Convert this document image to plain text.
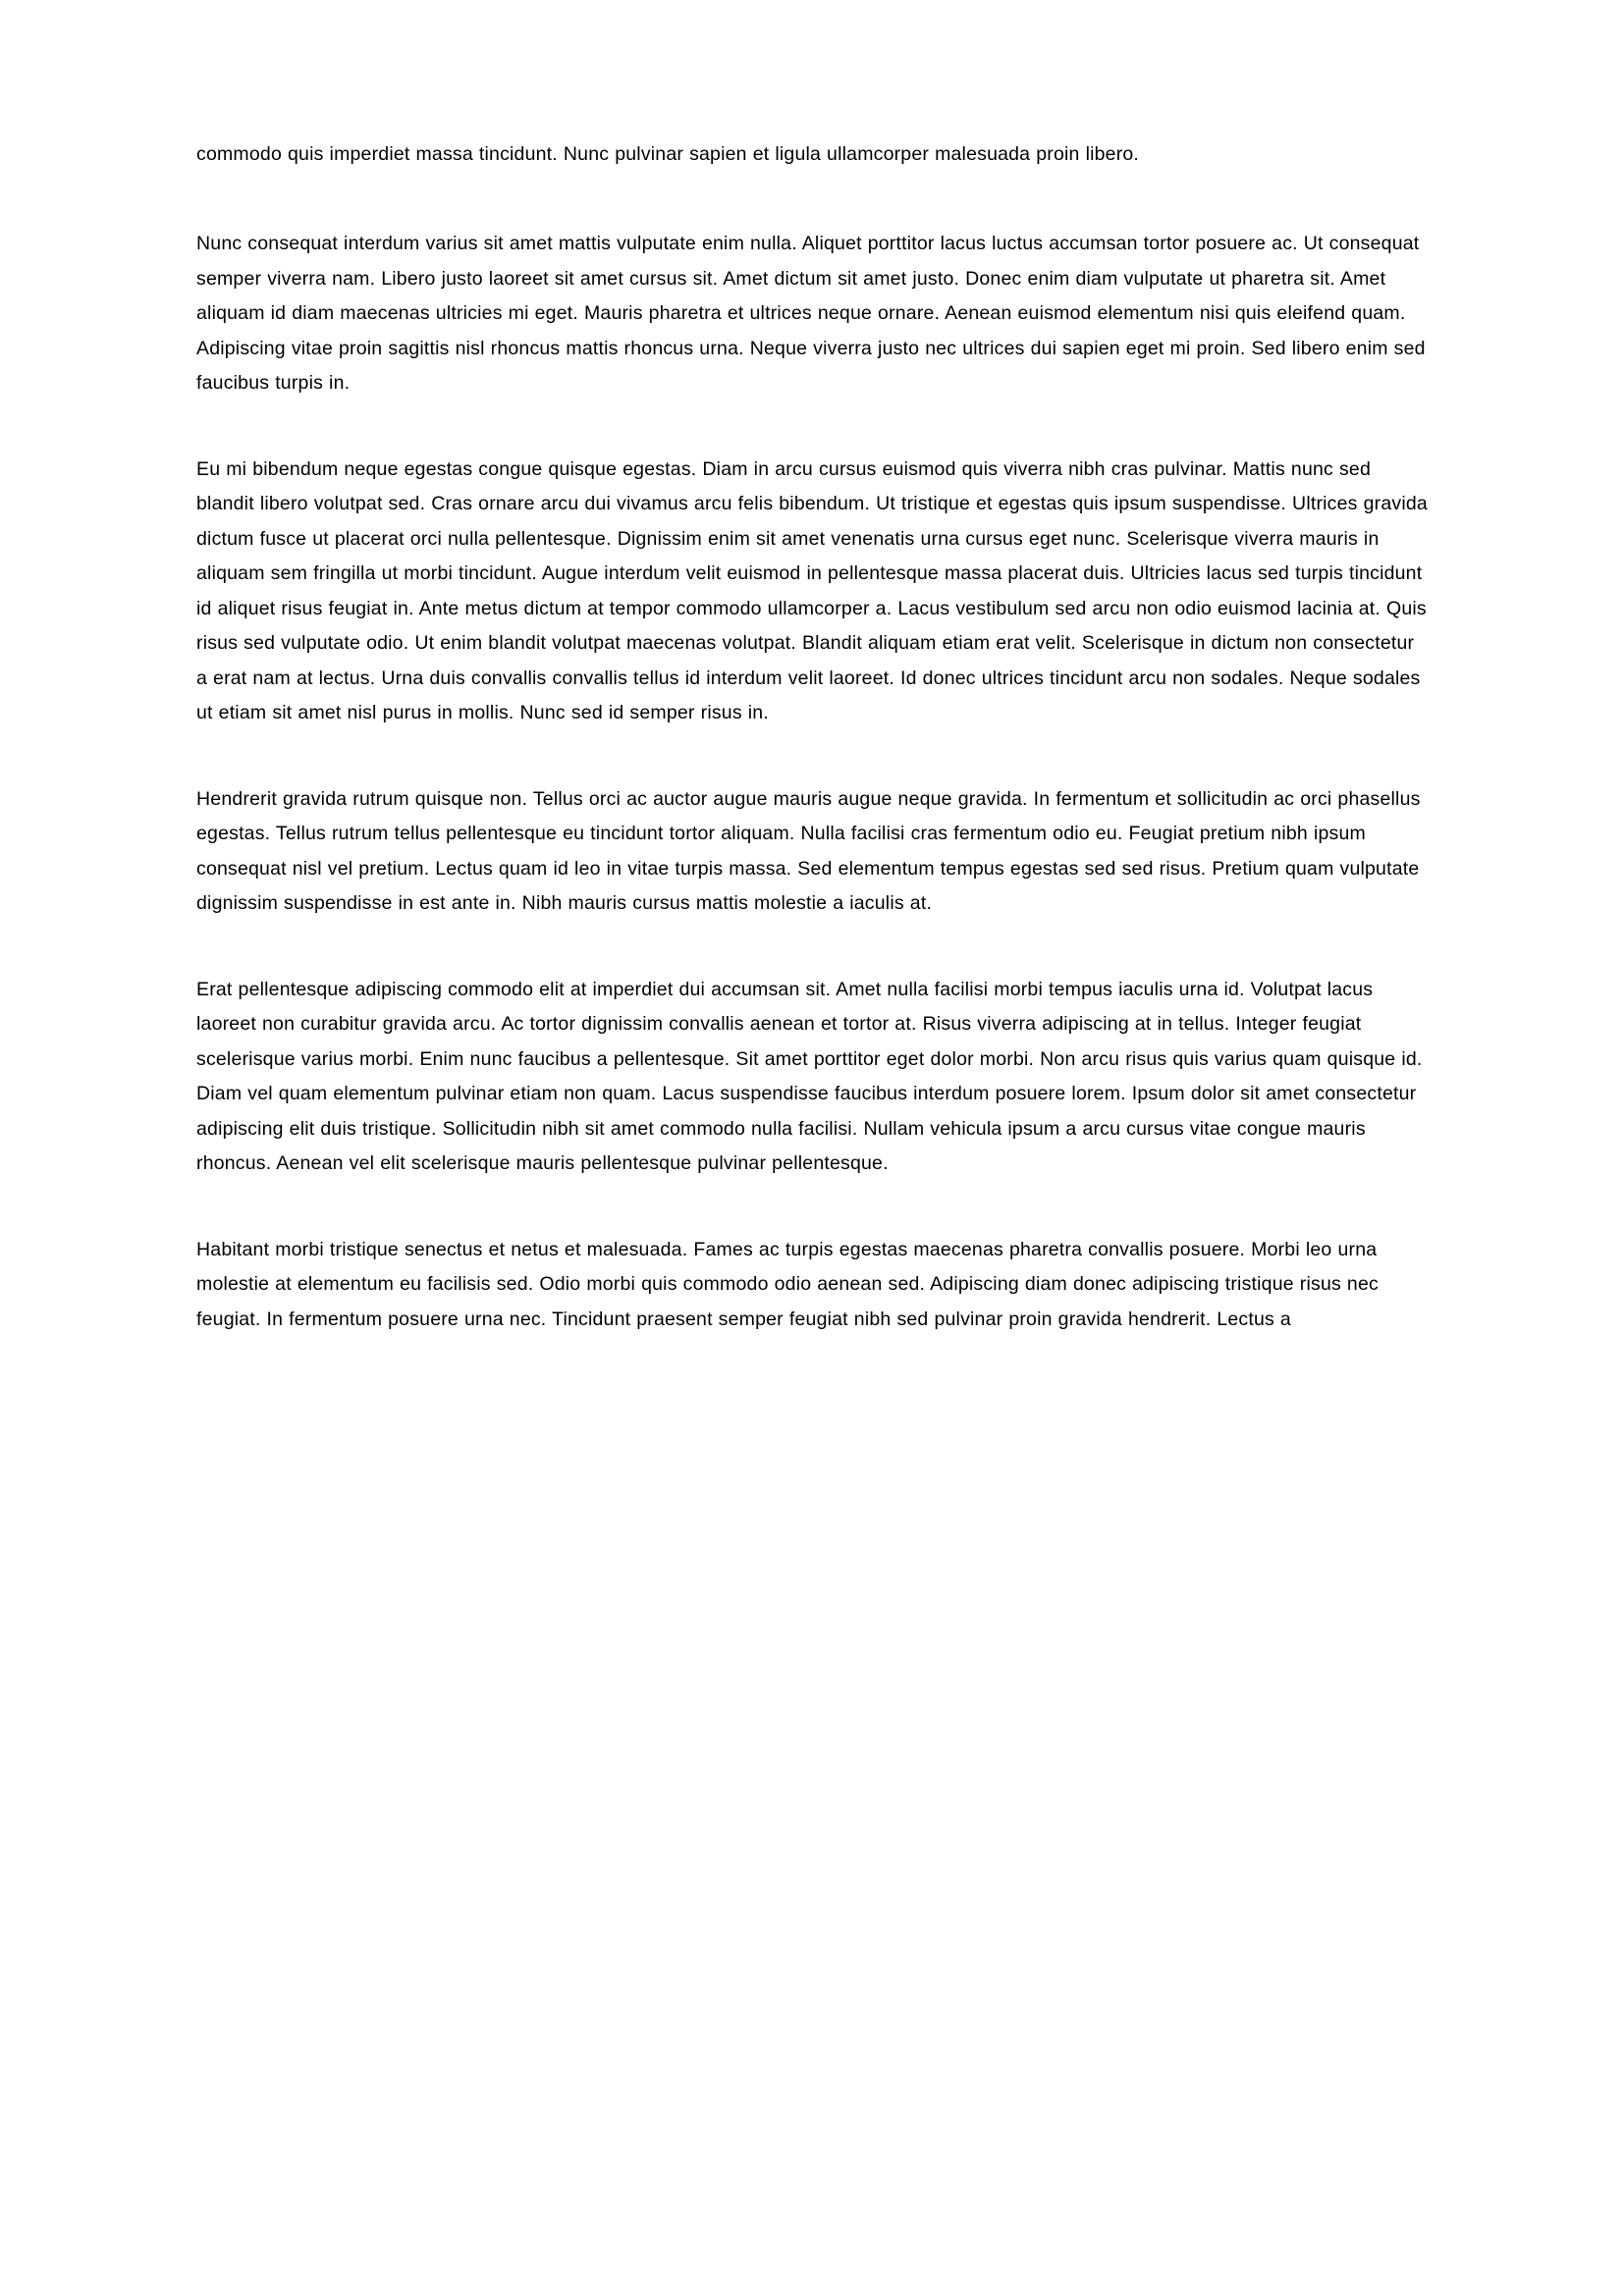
commodo quis imperdiet massa tincidunt. Nunc pulvinar sapien et ligula ullamcorper malesuada proin libero.

Nunc consequat interdum varius sit amet mattis vulputate enim nulla. Aliquet porttitor lacus luctus accumsan tortor posuere ac. Ut consequat semper viverra nam. Libero justo laoreet sit amet cursus sit. Amet dictum sit amet justo. Donec enim diam vulputate ut pharetra sit. Amet aliquam id diam maecenas ultricies mi eget. Mauris pharetra et ultrices neque ornare. Aenean euismod elementum nisi quis eleifend quam. Adipiscing vitae proin sagittis nisl rhoncus mattis rhoncus urna. Neque viverra justo nec ultrices dui sapien eget mi proin. Sed libero enim sed faucibus turpis in.

Eu mi bibendum neque egestas congue quisque egestas. Diam in arcu cursus euismod quis viverra nibh cras pulvinar. Mattis nunc sed blandit libero volutpat sed. Cras ornare arcu dui vivamus arcu felis bibendum. Ut tristique et egestas quis ipsum suspendisse. Ultrices gravida dictum fusce ut placerat orci nulla pellentesque. Dignissim enim sit amet venenatis urna cursus eget nunc. Scelerisque viverra mauris in aliquam sem fringilla ut morbi tincidunt. Augue interdum velit euismod in pellentesque massa placerat duis. Ultricies lacus sed turpis tincidunt id aliquet risus feugiat in. Ante metus dictum at tempor commodo ullamcorper a. Lacus vestibulum sed arcu non odio euismod lacinia at. Quis risus sed vulputate odio. Ut enim blandit volutpat maecenas volutpat. Blandit aliquam etiam erat velit. Scelerisque in dictum non consectetur a erat nam at lectus. Urna duis convallis convallis tellus id interdum velit laoreet. Id donec ultrices tincidunt arcu non sodales. Neque sodales ut etiam sit amet nisl purus in mollis. Nunc sed id semper risus in.

Hendrerit gravida rutrum quisque non. Tellus orci ac auctor augue mauris augue neque gravida. In fermentum et sollicitudin ac orci phasellus egestas. Tellus rutrum tellus pellentesque eu tincidunt tortor aliquam. Nulla facilisi cras fermentum odio eu. Feugiat pretium nibh ipsum consequat nisl vel pretium. Lectus quam id leo in vitae turpis massa. Sed elementum tempus egestas sed sed risus. Pretium quam vulputate dignissim suspendisse in est ante in. Nibh mauris cursus mattis molestie a iaculis at.

Erat pellentesque adipiscing commodo elit at imperdiet dui accumsan sit. Amet nulla facilisi morbi tempus iaculis urna id. Volutpat lacus laoreet non curabitur gravida arcu. Ac tortor dignissim convallis aenean et tortor at. Risus viverra adipiscing at in tellus. Integer feugiat scelerisque varius morbi. Enim nunc faucibus a pellentesque. Sit amet porttitor eget dolor morbi. Non arcu risus quis varius quam quisque id. Diam vel quam elementum pulvinar etiam non quam. Lacus suspendisse faucibus interdum posuere lorem. Ipsum dolor sit amet consectetur adipiscing elit duis tristique. Sollicitudin nibh sit amet commodo nulla facilisi. Nullam vehicula ipsum a arcu cursus vitae congue mauris rhoncus. Aenean vel elit scelerisque mauris pellentesque pulvinar pellentesque.

Habitant morbi tristique senectus et netus et malesuada. Fames ac turpis egestas maecenas pharetra convallis posuere. Morbi leo urna molestie at elementum eu facilisis sed. Odio morbi quis commodo odio aenean sed. Adipiscing diam donec adipiscing tristique risus nec feugiat. In fermentum posuere urna nec. Tincidunt praesent semper feugiat nibh sed pulvinar proin gravida hendrerit. Lectus a
